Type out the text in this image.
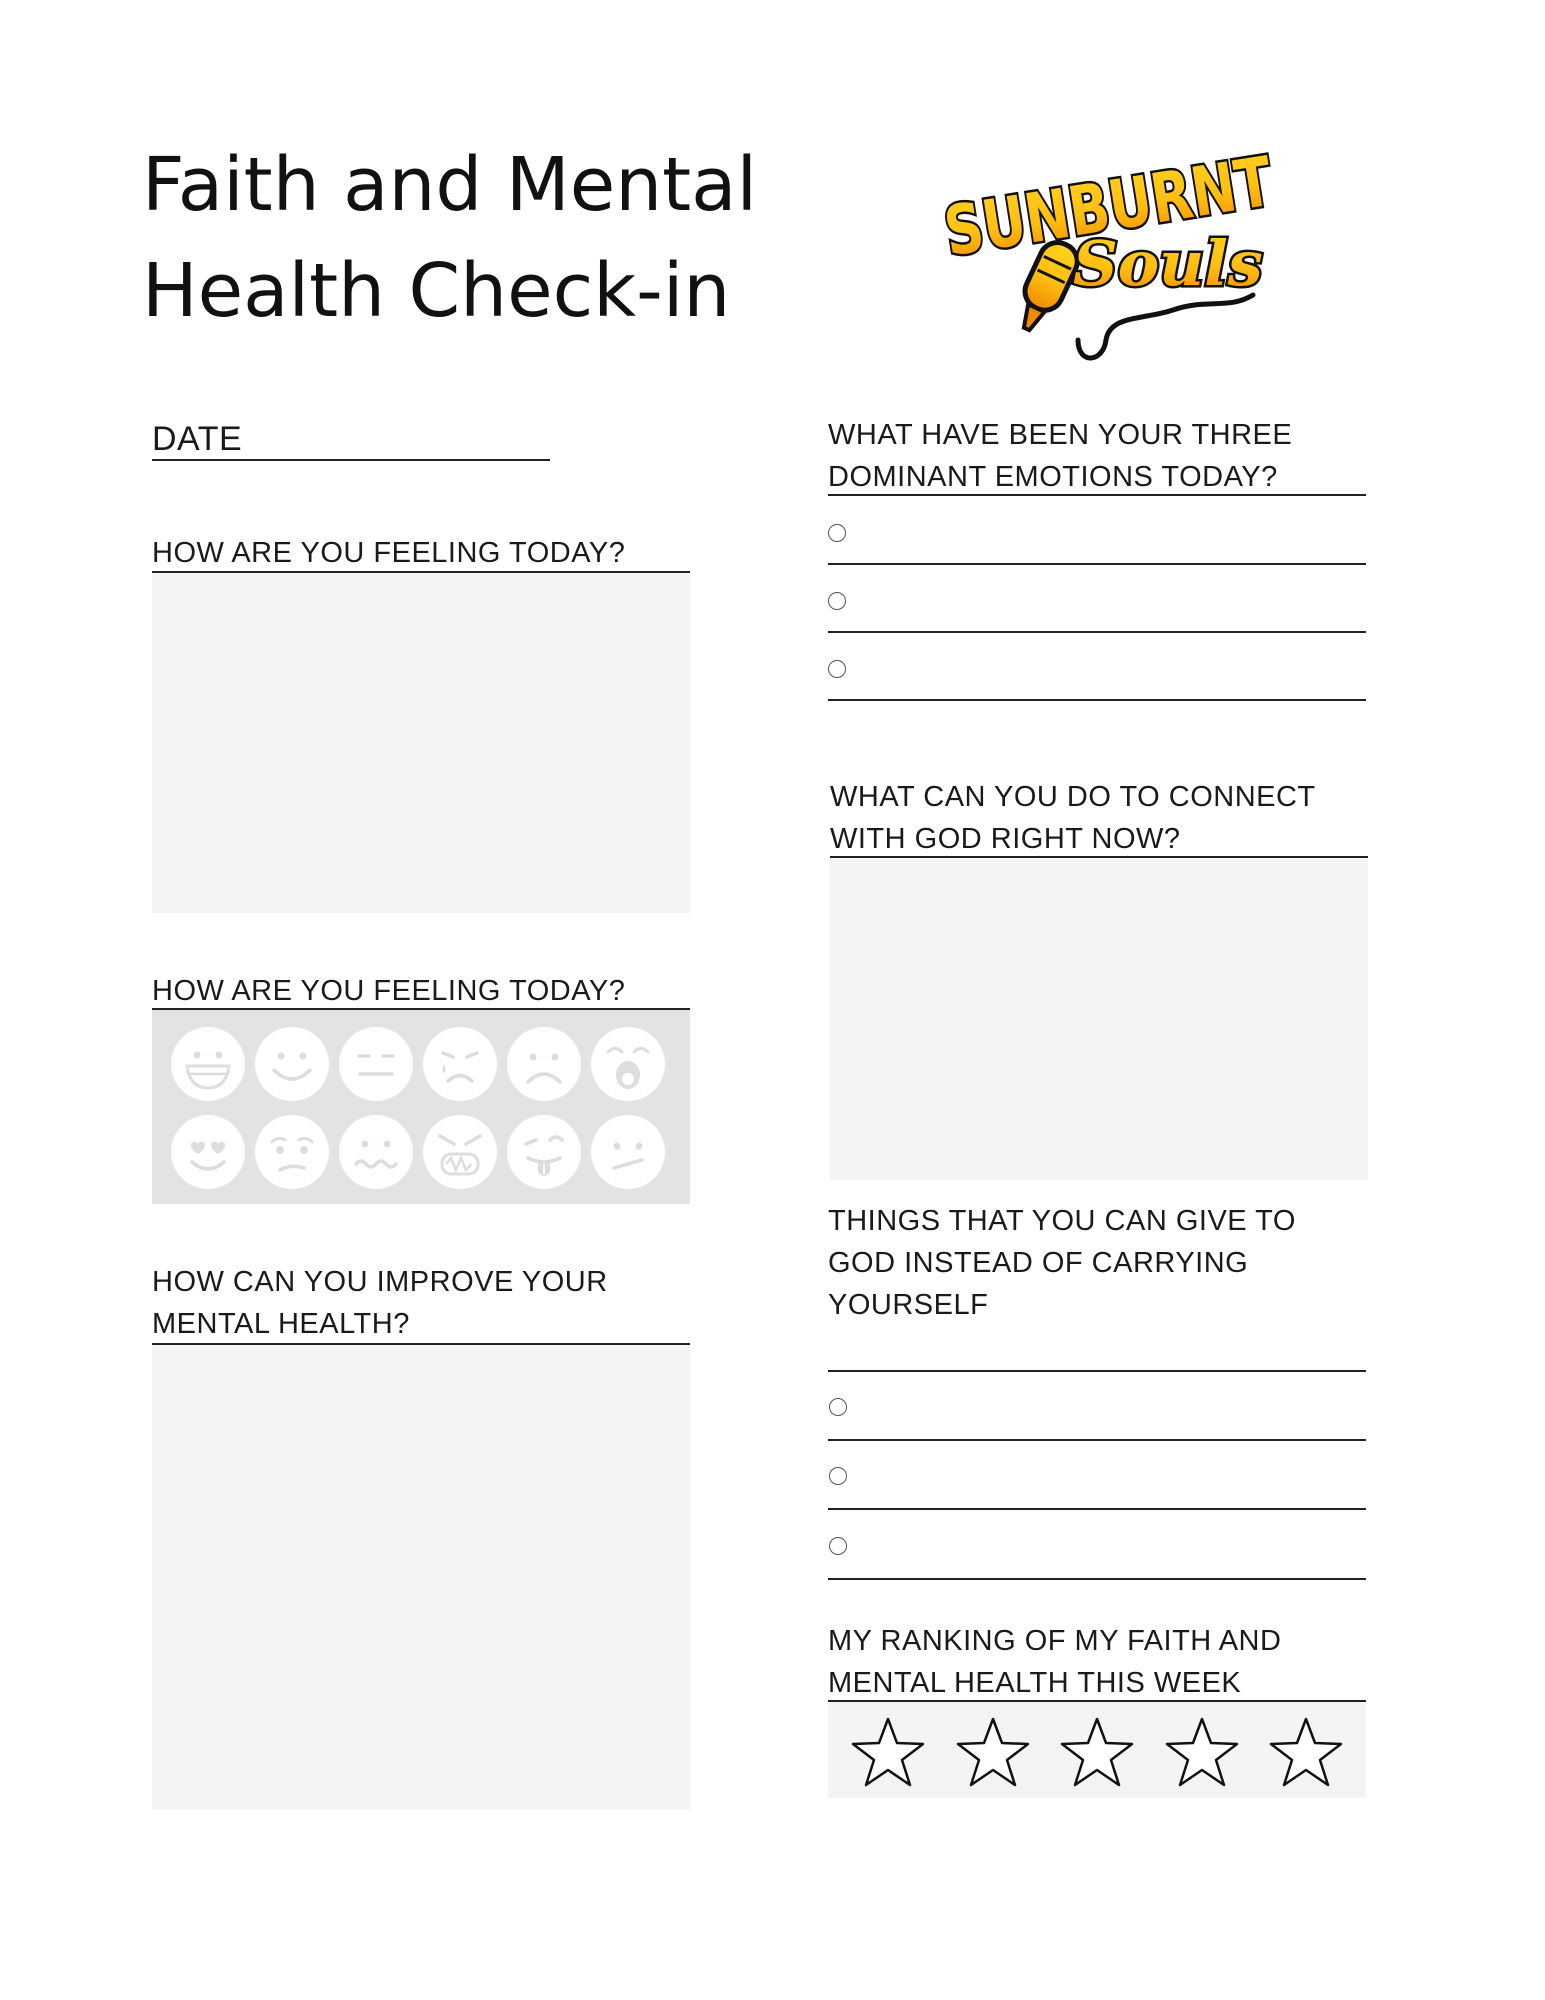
Faith and Mental
Health Check-in
SUNBURNT
Souls
DATE
HOW ARE YOU FEELING TODAY?
HOW ARE YOU FEELING TODAY?
HOW CAN YOU IMPROVE YOUR
MENTAL HEALTH?
WHAT HAVE BEEN YOUR THREE
DOMINANT EMOTIONS TODAY?
WHAT CAN YOU DO TO CONNECT
WITH GOD RIGHT NOW?
THINGS THAT YOU CAN GIVE TO
GOD INSTEAD OF CARRYING
YOURSELF
MY RANKING OF MY FAITH AND
MENTAL HEALTH THIS WEEK
